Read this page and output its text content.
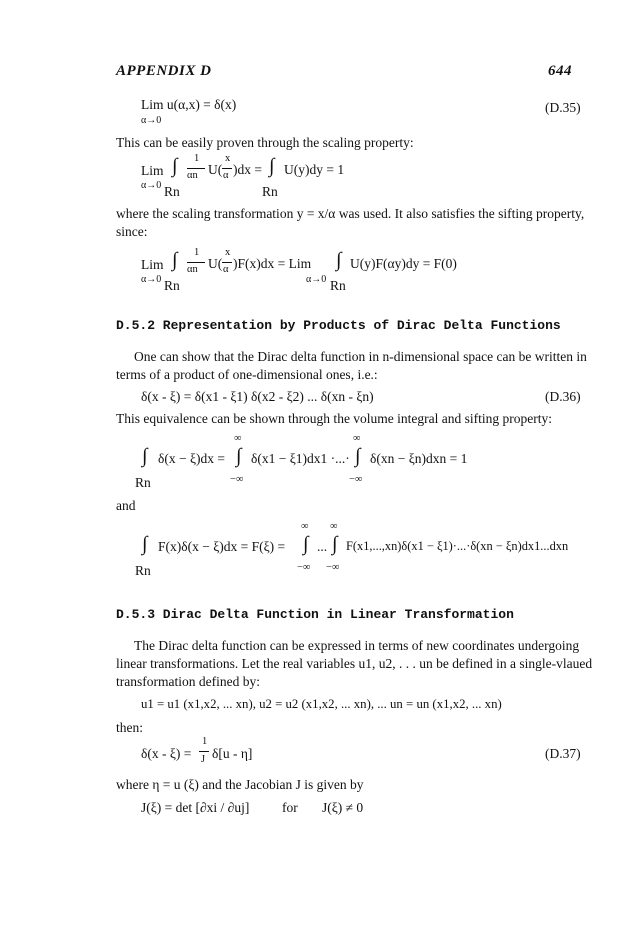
APPENDIX D	644
Lim u(α,x) = δ(x)
α→0
(D.35)
This can be easily proven through the scaling property:
Lim
α→0
∫ 1
αn U(
x
α )dx = ∫ U(y)dy = 1
Rn	Rn
where the scaling transformation y = x/α was used. It also satisfies the sifting property,
since:
Lim
α→0
∫ 1
αn U(
x
α )F(x)dx = Lim
α→0
∫ U(y)F(αy)dy = F(0)
Rn	Rn
D.5.2 Representation by Products of Dirac Delta Functions
One can show that the Dirac delta function in n-dimensional space can be written in
terms of a product of one-dimensional ones, i.e.:
δ(x - ξ) = δ(x1 - ξ1) δ(x2 - ξ2) ... δ(xn - ξn)	(D.36)
This equivalence can be shown through the volume integral and sifting property:
∫ δ(x − ξ)dx =
∞
∫
−∞
δ(x1 − ξ1)dx1 ·...·
∞
∫
−∞
δ(xn − ξn)dxn = 1
Rn
and
∫ F(x)δ(x − ξ)dx = F(ξ) =
∞
∫
−∞
...
∞
∫
−∞
F(x1,...,xn)δ(x1 − ξ1)·...·δ(xn − ξn)dx1...dxn
Rn
D.5.3 Dirac Delta Function in Linear Transformation
The Dirac delta function can be expressed in terms of new coordinates undergoing
linear transformations. Let the real variables u1, u2, . . . un be defined in a single-vlaued
transformation defined by:
u1 = u1 (x1,x2, ... xn), u2 = u2 (x1,x2, ... xn), ... un = un (x1,x2, ... xn)
then:
δ(x - ξ) =
1
J δ[u - η]	(D.37)
where η = u (ξ) and the Jacobian J is given by
J(ξ) = det [∂xi / ∂uj] for J(ξ) ≠ 0
